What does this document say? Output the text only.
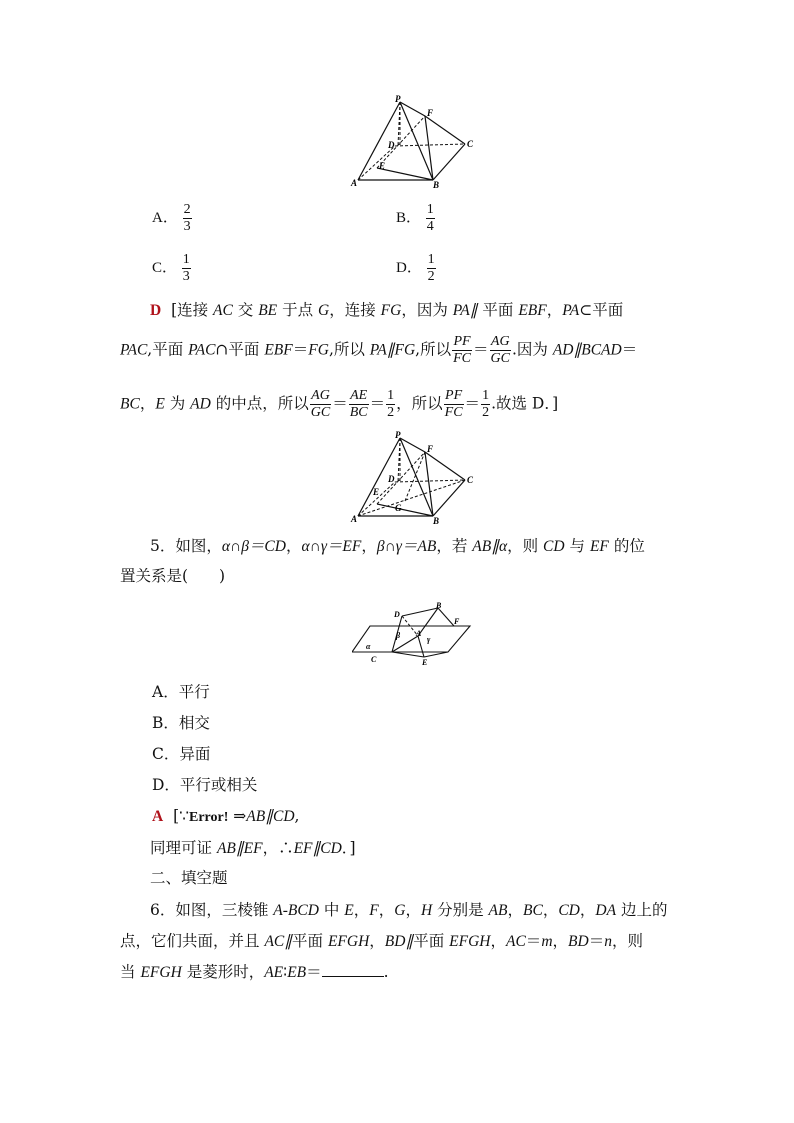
P
F
C
D
E
A	B
A． $\frac{2}{3}$	B． $\frac{1}{4}$
C． $\frac{1}{3}$	D． $\frac{1}{2}$
D [连接 AC 交 BE 于点 G，连接 FG，因为 PA∥ 平面 EBF，PA⊂平面
PAC,平面 PAC∩平面 EBF＝FG,所以 PA∥FG,所以 $\frac{PF}{FC} = \frac{AG}{GC}$ .因为 AD∥BCAD＝
BC，E 为 AD 的中点，所以 $\frac{AG}{GC} = \frac{AE}{BC} = \frac{1}{2}$ ，所以 $\frac{PF}{FC} = \frac{1}{2}$ .故选 D．]
P
F
C
D
E
G
A	B
5．如图，α∩β＝CD，α∩γ＝EF，β∩γ＝AB，若 AB∥α，则 CD 与 EF 的位
置关系是(　　)
B
D
F
β A
α
γ
C	E
A．平行
B．相交
C．异面
D．平行或相关
A [∵Error! ⇒AB∥CD,
同理可证 AB∥EF，∴EF∥CD．]
二、填空题
6．如图，三棱锥 A-BCD 中 E，F，G，H 分别是 AB，BC，CD，DA 边上的
点，它们共面，并且 AC∥平面 EFGH，BD∥平面 EFGH，AC＝m，BD＝n，则
当 EFGH 是菱形时，AE∶EB＝	.
